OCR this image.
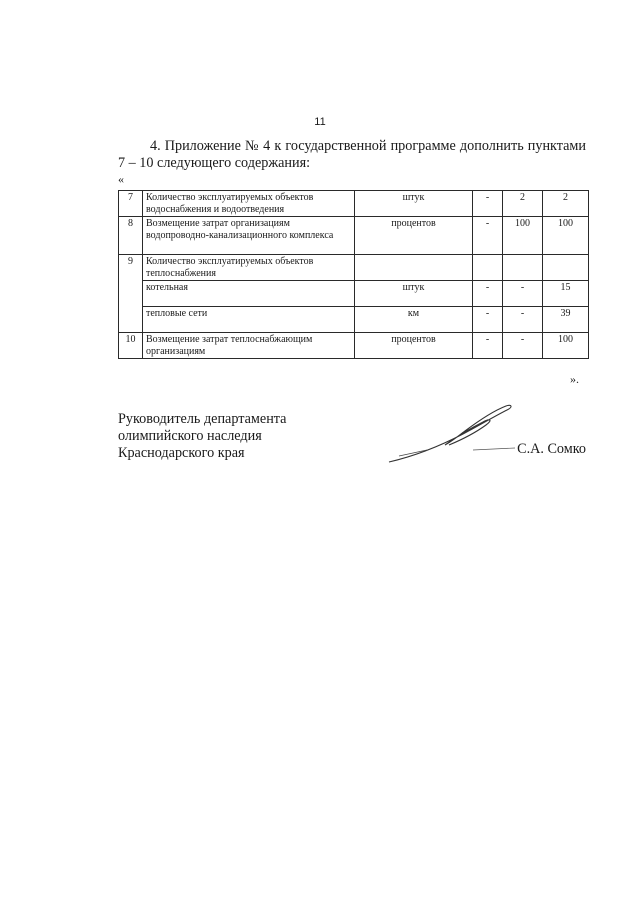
11

4. Приложение № 4 к государственной программе дополнить пунктами 7 – 10 следующего содержания:

«
7	Количество эксплуатируемых объектов водоснабжения и водоотведения	штук	-	2	2
8	Возмещение затрат организациям водопроводно-канализационного комплекса	процентов	-	100	100
9	Количество эксплуатируемых объектов теплоснабжения				
	котельная	штук	-	-	15
	тепловые сети	км	-	-	39
10	Возмещение затрат теплоснабжающим организациям	процентов	-	-	100
».
Руководитель департамента
олимпийского наследия
Краснодарского края	С.А. Сомко
